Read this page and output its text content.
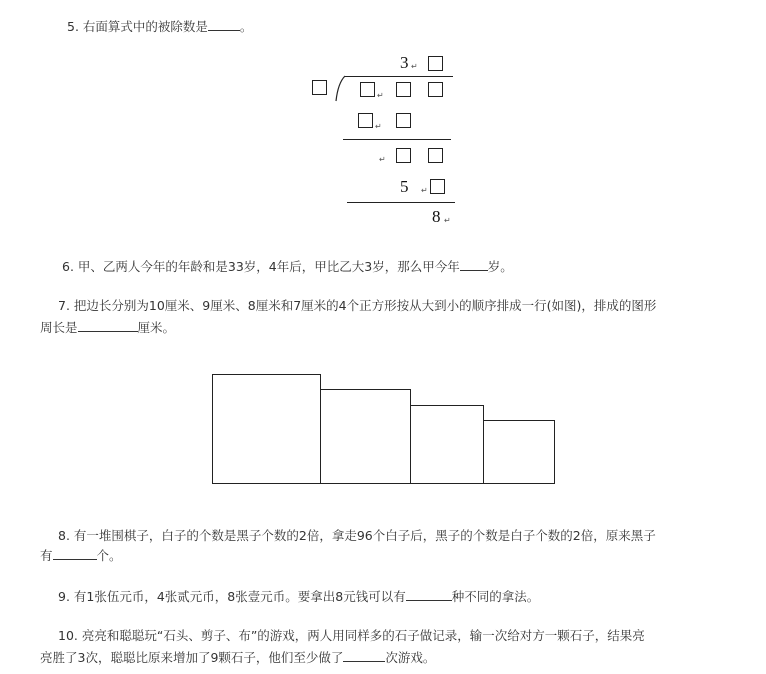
5. 右面算式中的被除数是	。
3 ↵
↵
↵
↵
5 ↵
8 ↵
6. 甲、乙两人今年的年龄和是33岁，4年后，甲比乙大3岁，那么甲今年 岁。
7. 把边长分别为10厘米、9厘米、8厘米和7厘米的4个正方形按从大到小的顺序排成一行(如图)，排成的图形
周长是	厘米。
8. 有一堆围棋子，白子的个数是黑子个数的2倍，拿走96个白子后，黑子的个数是白子个数的2倍，原来黑子
有	个。
9. 有1张伍元币，4张贰元币，8张壹元币。要拿出8元钱可以有	种不同的拿法。
10. 亮亮和聪聪玩“石头、剪子、布”的游戏，两人用同样多的石子做记录，输一次给对方一颗石子，结果亮
亮胜了3次，聪聪比原来增加了9颗石子，他们至少做了	次游戏。
